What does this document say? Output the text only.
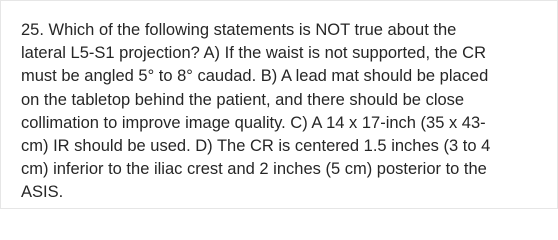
25. Which of the following statements is NOT true about the
lateral L5-S1 projection? A) If the waist is not supported, the CR
must be angled 5° to 8° caudad. B) A lead mat should be placed
on the tabletop behind the patient, and there should be close
collimation to improve image quality. C) A 14 x 17-inch (35 x 43-
cm) IR should be used. D) The CR is centered 1.5 inches (3 to 4
cm) inferior to the iliac crest and 2 inches (5 cm) posterior to the
ASIS.
